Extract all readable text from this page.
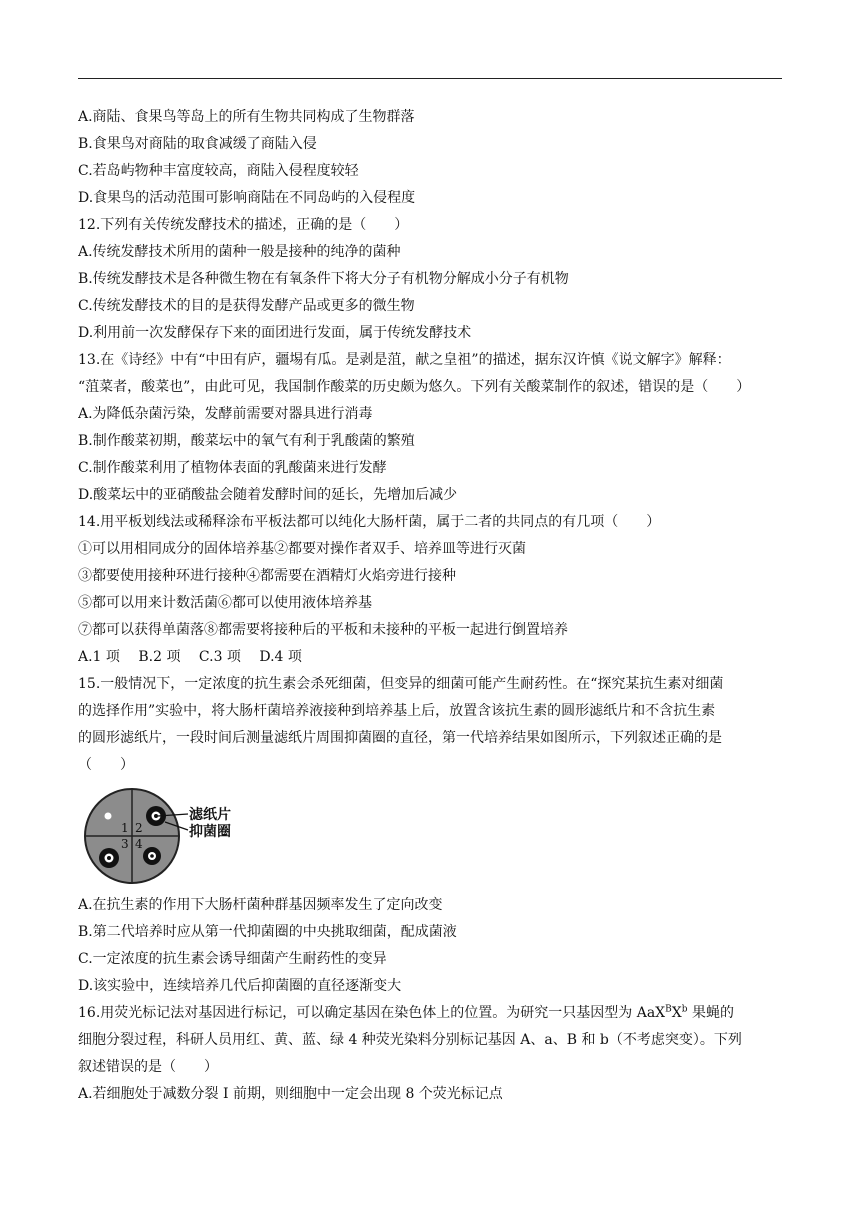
A.商陆、食果鸟等岛上的所有生物共同构成了生物群落
B.食果鸟对商陆的取食减缓了商陆入侵
C.若岛屿物种丰富度较高，商陆入侵程度较轻
D.食果鸟的活动范围可影响商陆在不同岛屿的入侵程度
12.下列有关传统发酵技术的描述，正确的是（　　）
A.传统发酵技术所用的菌种一般是接种的纯净的菌种
B.传统发酵技术是各种微生物在有氧条件下将大分子有机物分解成小分子有机物
C.传统发酵技术的目的是获得发酵产品或更多的微生物
D.利用前一次发酵保存下来的面团进行发面，属于传统发酵技术
13.在《诗经》中有“中田有庐，疆埸有瓜。是剥是菹，献之皇祖”的描述，据东汉许慎《说文解字》解释：
“菹菜者，酸菜也”，由此可见，我国制作酸菜的历史颇为悠久。下列有关酸菜制作的叙述，错误的是（　　）
A.为降低杂菌污染，发酵前需要对器具进行消毒
B.制作酸菜初期，酸菜坛中的氧气有利于乳酸菌的繁殖
C.制作酸菜利用了植物体表面的乳酸菌来进行发酵
D.酸菜坛中的亚硝酸盐会随着发酵时间的延长，先增加后减少
14.用平板划线法或稀释涂布平板法都可以纯化大肠杆菌，属于二者的共同点的有几项（　　）
①可以用相同成分的固体培养基②都要对操作者双手、培养皿等进行灭菌
③都要使用接种环进行接种④都需要在酒精灯火焰旁进行接种
⑤都可以用来计数活菌⑥都可以使用液体培养基
⑦都可以获得单菌落⑧都需要将接种后的平板和未接种的平板一起进行倒置培养
A.1 项　 B.2 项　 C.3 项　 D.4 项
15.一般情况下，一定浓度的抗生素会杀死细菌，但变异的细菌可能产生耐药性。在“探究某抗生素对细菌
的选择作用”实验中，将大肠杆菌培养液接种到培养基上后，放置含该抗生素的圆形滤纸片和不含抗生素
的圆形滤纸片，一段时间后测量滤纸片周围抑菌圈的直径，第一代培养结果如图所示，下列叙述正确的是
（　　）
1 2
3 4
滤纸片
抑菌圈
A.在抗生素的作用下大肠杆菌种群基因频率发生了定向改变
B.第二代培养时应从第一代抑菌圈的中央挑取细菌，配成菌液
C.一定浓度的抗生素会诱导细菌产生耐药性的变异
D.该实验中，连续培养几代后抑菌圈的直径逐渐变大
16.用荧光标记法对基因进行标记，可以确定基因在染色体上的位置。为研究一只基因型为 $AaX^BX^b$ 果蝇的
细胞分裂过程，科研人员用红、黄、蓝、绿 4 种荧光染料分别标记基因 A、a、B 和 b（不考虑突变）。下列
叙述错误的是（　　）
A.若细胞处于减数分裂 I 前期，则细胞中一定会出现 8 个荧光标记点
